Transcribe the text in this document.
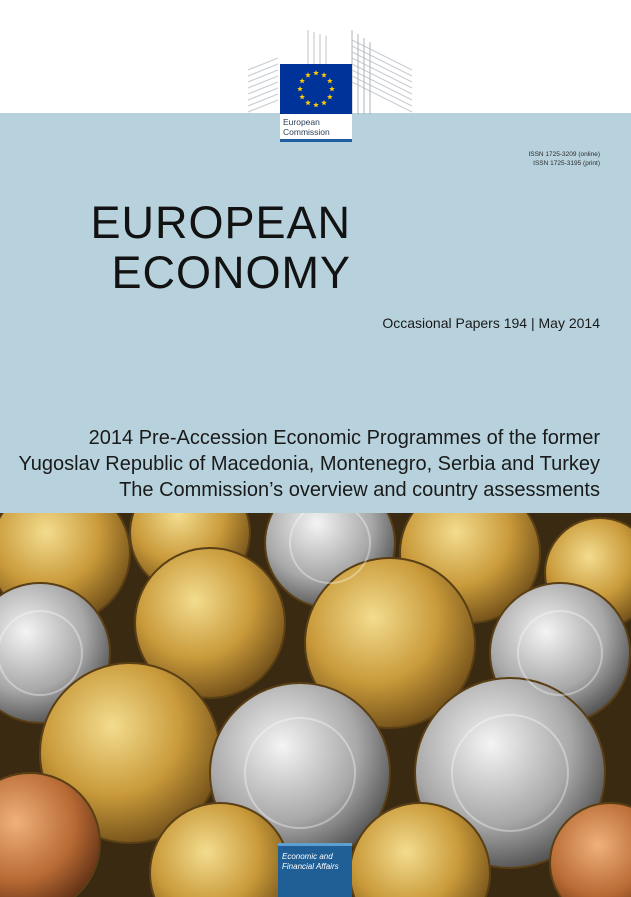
European
Commission
ISSN 1725-3209 (online)
ISSN 1725-3195 (print)
EUROPEAN
ECONOMY
Occasional Papers 194 | May 2014
2014 Pre-Accession Economic Programmes of the former
Yugoslav Republic of Macedonia, Montenegro, Serbia and Turkey
The Commission’s overview and country assessments
Economic and
Financial Affairs
